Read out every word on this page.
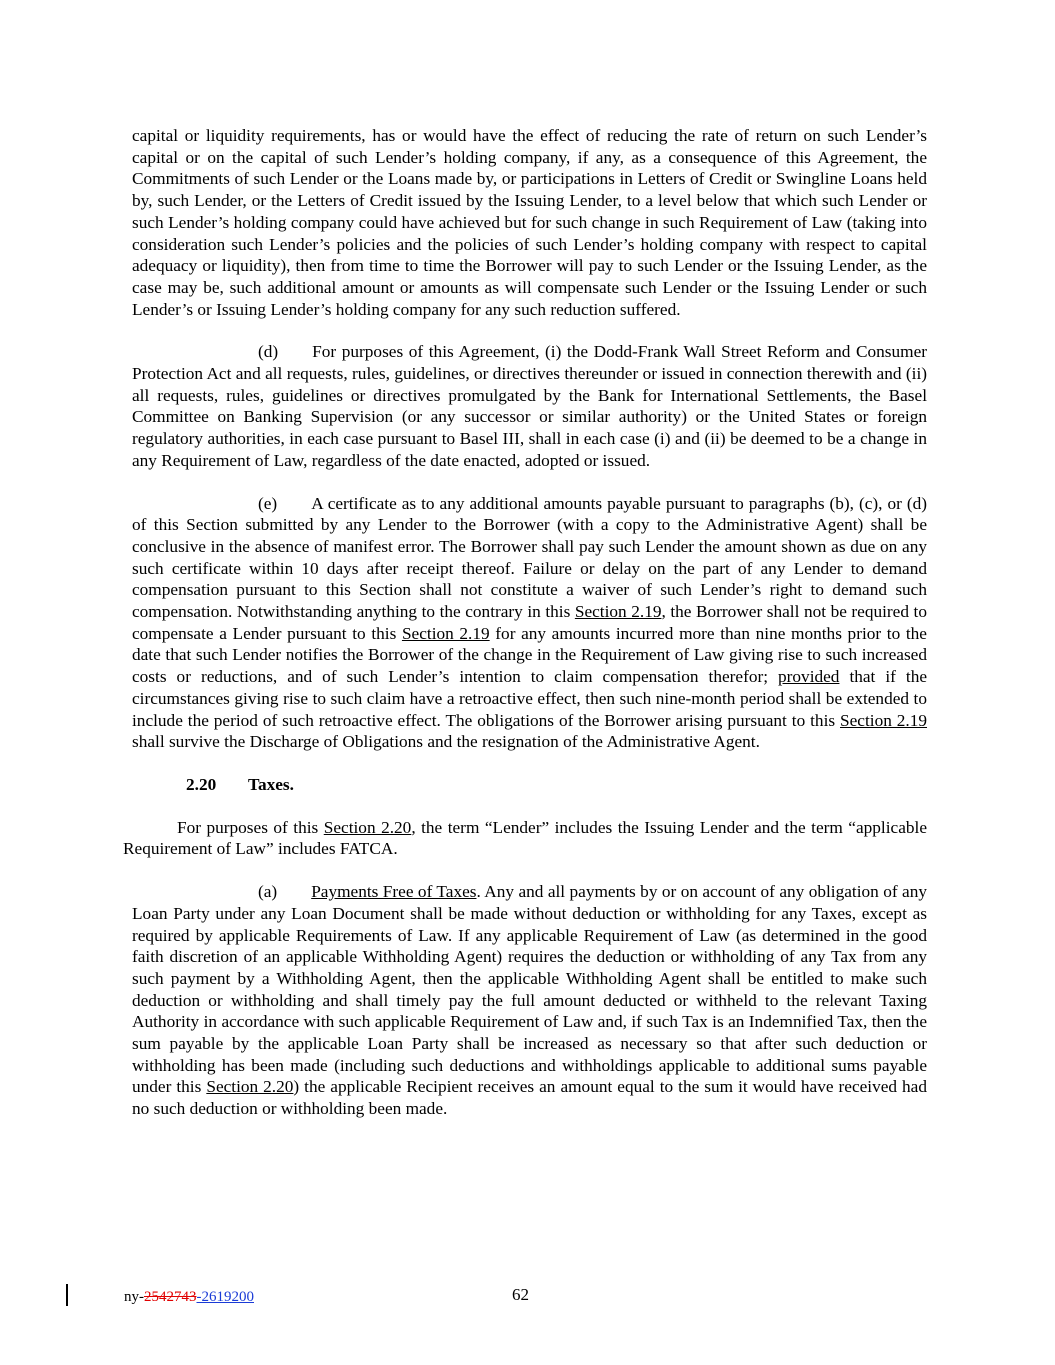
capital or liquidity requirements, has or would have the effect of reducing the rate of return on such Lender’s capital or on the capital of such Lender’s holding company, if any, as a consequence of this Agreement, the Commitments of such Lender or the Loans made by, or participations in Letters of Credit or Swingline Loans held by, such Lender, or the Letters of Credit issued by the Issuing Lender, to a level below that which such Lender or such Lender’s holding company could have achieved but for such change in such Requirement of Law (taking into consideration such Lender’s policies and the policies of such Lender’s holding company with respect to capital adequacy or liquidity), then from time to time the Borrower will pay to such Lender or the Issuing Lender, as the case may be, such additional amount or amounts as will compensate such Lender or the Issuing Lender or such Lender’s or Issuing Lender’s holding company for any such reduction suffered.

(d) For purposes of this Agreement, (i) the Dodd-Frank Wall Street Reform and Consumer Protection Act and all requests, rules, guidelines, or directives thereunder or issued in connection therewith and (ii) all requests, rules, guidelines or directives promulgated by the Bank for International Settlements, the Basel Committee on Banking Supervision (or any successor or similar authority) or the United States or foreign regulatory authorities, in each case pursuant to Basel III, shall in each case (i) and (ii) be deemed to be a change in any Requirement of Law, regardless of the date enacted, adopted or issued.

(e) A certificate as to any additional amounts payable pursuant to paragraphs (b), (c), or (d) of this Section submitted by any Lender to the Borrower (with a copy to the Administrative Agent) shall be conclusive in the absence of manifest error. The Borrower shall pay such Lender the amount shown as due on any such certificate within 10 days after receipt thereof. Failure or delay on the part of any Lender to demand compensation pursuant to this Section shall not constitute a waiver of such Lender’s right to demand such compensation. Notwithstanding anything to the contrary in this Section 2.19, the Borrower shall not be required to compensate a Lender pursuant to this Section 2.19 for any amounts incurred more than nine months prior to the date that such Lender notifies the Borrower of the change in the Requirement of Law giving rise to such increased costs or reductions, and of such Lender’s intention to claim compensation therefor; provided that if the circumstances giving rise to such claim have a retroactive effect, then such nine-month period shall be extended to include the period of such retroactive effect. The obligations of the Borrower arising pursuant to this Section 2.19 shall survive the Discharge of Obligations and the resignation of the Administrative Agent.

2.20 Taxes.

For purposes of this Section 2.20, the term “Lender” includes the Issuing Lender and the term “applicable Requirement of Law” includes FATCA.

(a) Payments Free of Taxes. Any and all payments by or on account of any obligation of any Loan Party under any Loan Document shall be made without deduction or withholding for any Taxes, except as required by applicable Requirements of Law. If any applicable Requirement of Law (as determined in the good faith discretion of an applicable Withholding Agent) requires the deduction or withholding of any Tax from any such payment by a Withholding Agent, then the applicable Withholding Agent shall be entitled to make such deduction or withholding and shall timely pay the full amount deducted or withheld to the relevant Taxing Authority in accordance with such applicable Requirement of Law and, if such Tax is an Indemnified Tax, then the sum payable by the applicable Loan Party shall be increased as necessary so that after such deduction or withholding has been made (including such deductions and withholdings applicable to additional sums payable under this Section 2.20) the applicable Recipient receives an amount equal to the sum it would have received had no such deduction or withholding been made.

ny-2542743-2619200	62
